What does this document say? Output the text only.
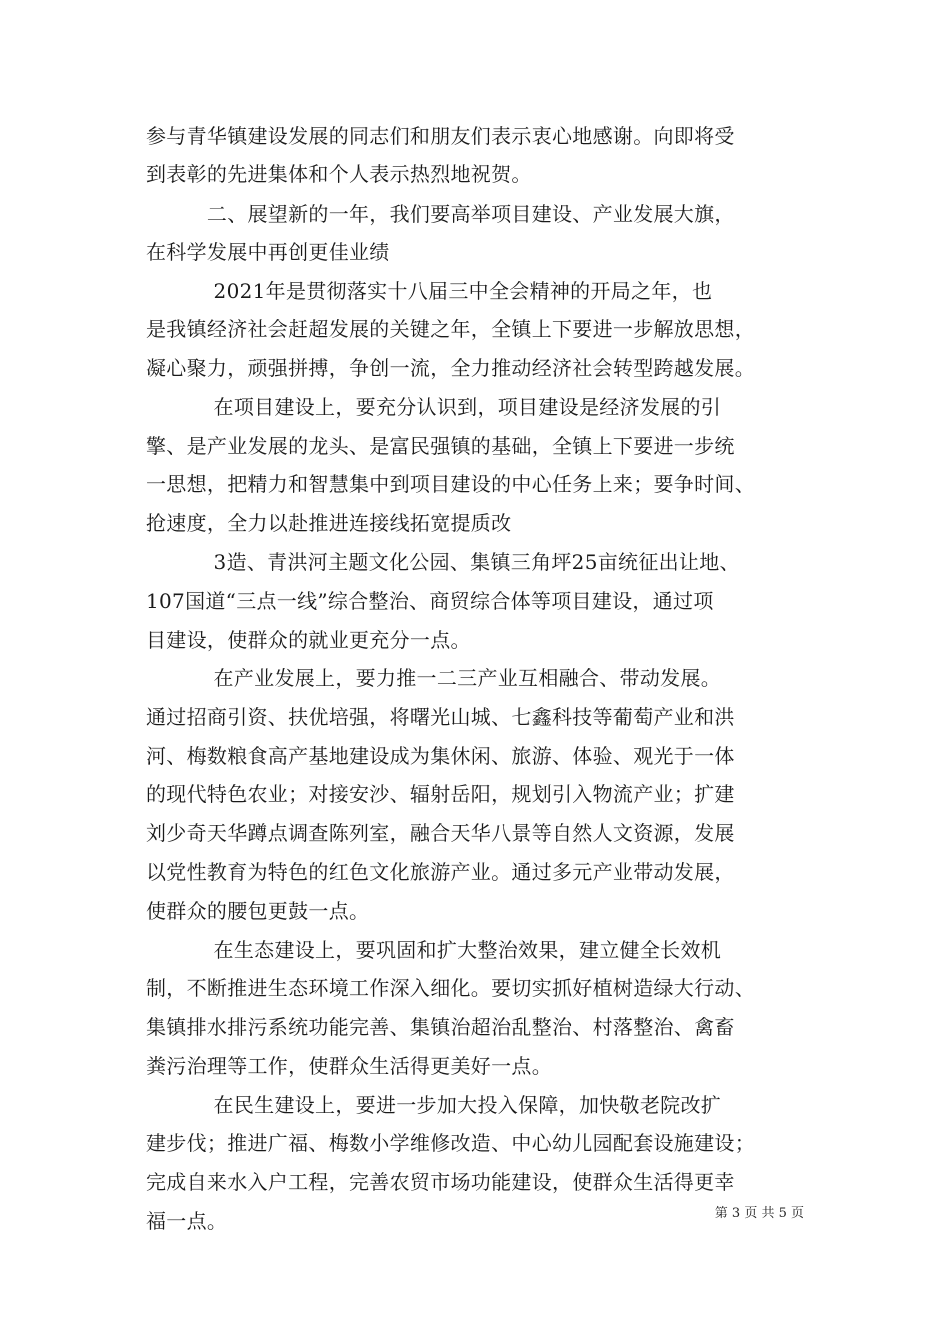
参与青华镇建设发展的同志们和朋友们表示衷心地感谢。向即将受
到表彰的先进集体和个人表示热烈地祝贺。
　　　二、展望新的一年，我们要高举项目建设、产业发展大旗，
在科学发展中再创更佳业绩
　　　 2021年是贯彻落实十八届三中全会精神的开局之年，也
是我镇经济社会赶超发展的关键之年，全镇上下要进一步解放思想，
凝心聚力，顽强拼搏，争创一流，全力推动经济社会转型跨越发展。
　　　 在项目建设上，要充分认识到，项目建设是经济发展的引
擎、是产业发展的龙头、是富民强镇的基础，全镇上下要进一步统
一思想，把精力和智慧集中到项目建设的中心任务上来；要争时间、
抢速度，全力以赴推进连接线拓宽提质改
　　　 3造、青洪河主题文化公园、集镇三角坪25亩统征出让地、
107国道“三点一线”综合整治、商贸综合体等项目建设，通过项
目建设，使群众的就业更充分一点。
　　　 在产业发展上，要力推一二三产业互相融合、带动发展。
通过招商引资、扶优培强，将曙光山城、七鑫科技等葡萄产业和洪
河、梅数粮食高产基地建设成为集休闲、旅游、体验、观光于一体
的现代特色农业；对接安沙、辐射岳阳，规划引入物流产业；扩建
刘少奇天华蹲点调查陈列室，融合天华八景等自然人文资源，发展
以党性教育为特色的红色文化旅游产业。通过多元产业带动发展，
使群众的腰包更鼓一点。
　　　 在生态建设上，要巩固和扩大整治效果，建立健全长效机
制，不断推进生态环境工作深入细化。要切实抓好植树造绿大行动、
集镇排水排污系统功能完善、集镇治超治乱整治、村落整治、禽畜
粪污治理等工作，使群众生活得更美好一点。
　　　 在民生建设上，要进一步加大投入保障，加快敬老院改扩
建步伐；推进广福、梅数小学维修改造、中心幼儿园配套设施建设；
完成自来水入户工程，完善农贸市场功能建设，使群众生活得更幸
福一点。	第 3 页 共 5 页
